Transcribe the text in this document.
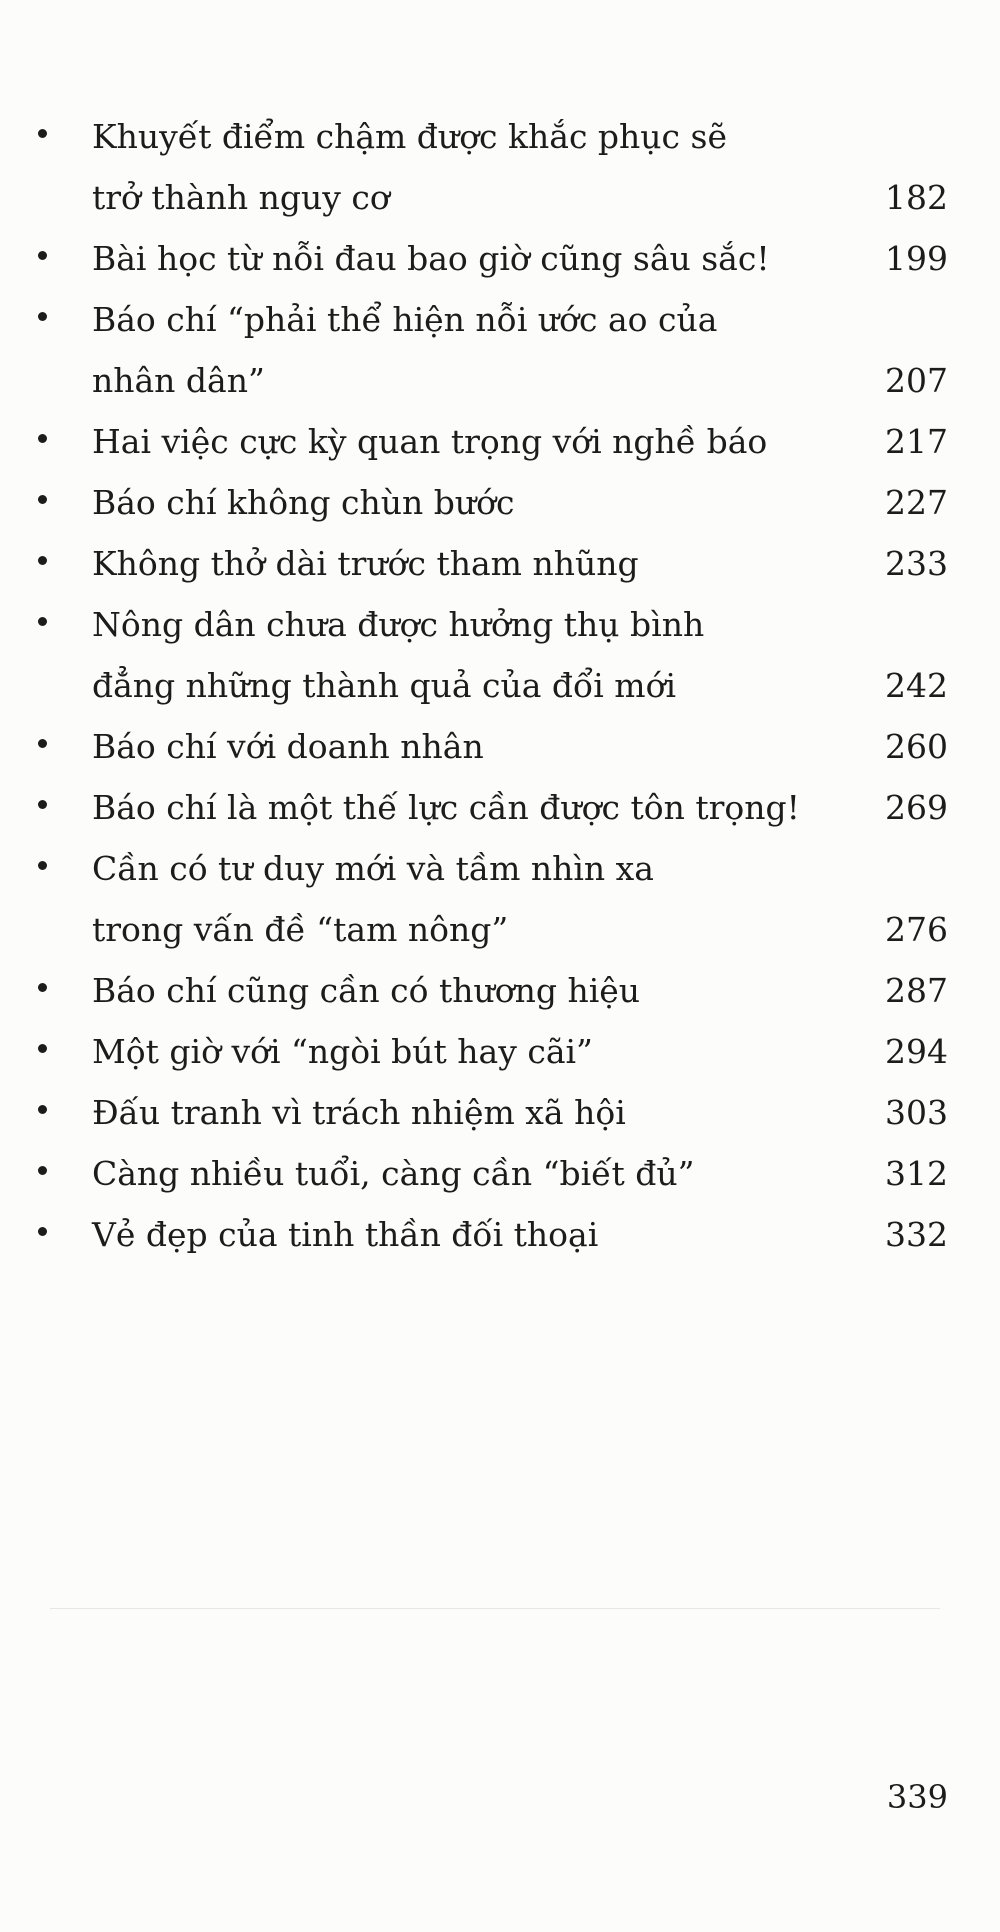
Khuyết điểm chậm được khắc phục sẽ
trở thành nguy cơ	182
Bài học từ nỗi đau bao giờ cũng sâu sắc!	199
Báo chí “phải thể hiện nỗi ước ao của
nhân dân”	207
Hai việc cực kỳ quan trọng với nghề báo	217
Báo chí không chùn bước	227
Không thở dài trước tham nhũng	233
Nông dân chưa được hưởng thụ bình
đẳng những thành quả của đổi mới	242
Báo chí với doanh nhân	260
Báo chí là một thế lực cần được tôn trọng!	269
Cần có tư duy mới và tầm nhìn xa
trong vấn đề “tam nông”	276
Báo chí cũng cần có thương hiệu	287
Một giờ với “ngòi bút hay cãi”	294
Đấu tranh vì trách nhiệm xã hội	303
Càng nhiều tuổi, càng cần “biết đủ”	312
Vẻ đẹp của tinh thần đối thoại	332
339
